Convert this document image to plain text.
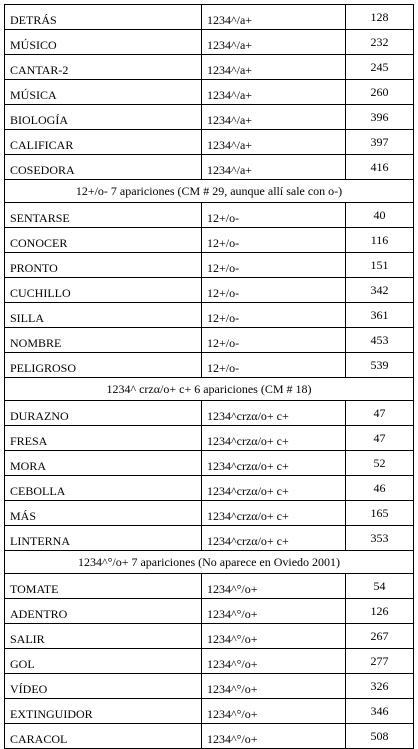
DETRÁS	1234^/a+	128
MÚSICO	1234^/a+	232
CANTAR-2	1234^/a+	245
MÚSICA	1234^/a+	260
BIOLOGÍA	1234^/a+	396
CALIFICAR	1234^/a+	397
COSEDORA	1234^/a+	416
12+/o- 7 apariciones (CM # 29, aunque allí sale con o-)		
SENTARSE	12+/o-	40
CONOCER	12+/o-	116
PRONTO	12+/o-	151
CUCHILLO	12+/o-	342
SILLA	12+/o-	361
NOMBRE	12+/o-	453
PELIGROSO	12+/o-	539
1234^ crzα/o+ c+ 6 apariciones (CM # 18)		
DURAZNO	1234^crzα/o+ c+	47
FRESA	1234^crzα/o+ c+	47
MORA	1234^crzα/o+ c+	52
CEBOLLA	1234^crzα/o+ c+	46
MÁS	1234^crzα/o+ c+	165
LINTERNA	1234^crzα/o+ c+	353
1234^°/o+ 7 apariciones (No aparece en Oviedo 2001)		
TOMATE	1234^°/o+	54
ADENTRO	1234^°/o+	126
SALIR	1234^°/o+	267
GOL	1234^°/o+	277
VÍDEO	1234^°/o+	326
EXTINGUIDOR	1234^°/o+	346
CARACOL	1234^°/o+	508
